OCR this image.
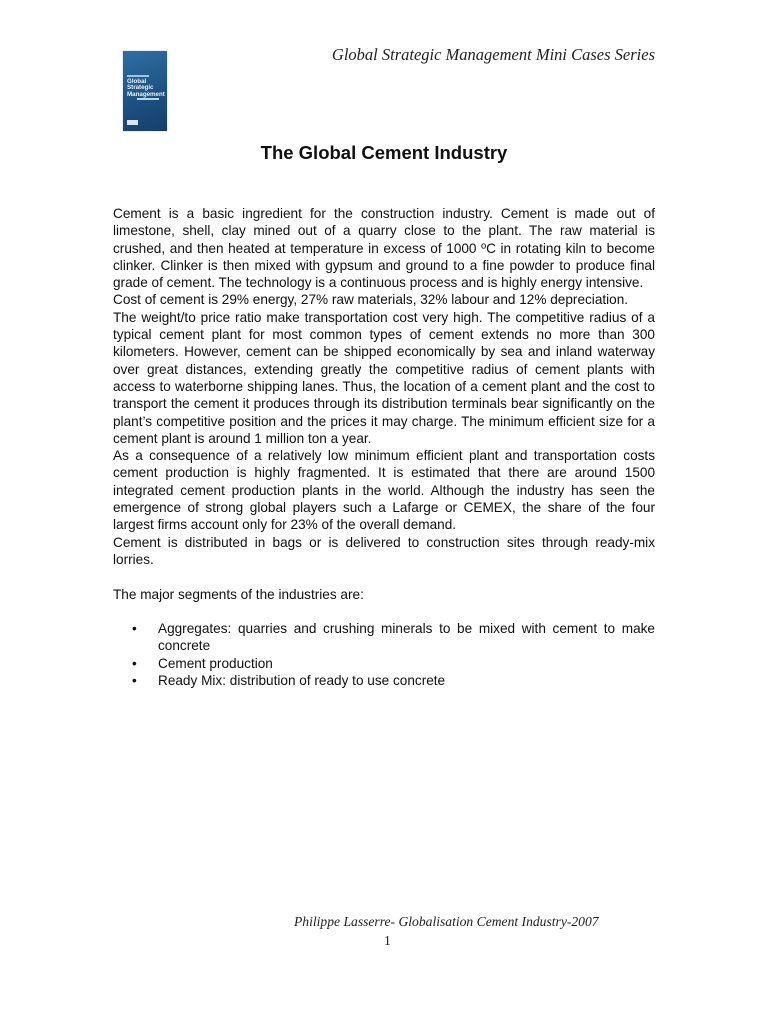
Global Strategic Management Mini Cases Series
Global Strategic Management
The Global Cement Industry

Cement is a basic ingredient for the construction industry. Cement is made out of limestone, shell, clay mined out of a quarry close to the plant. The raw material is crushed, and then heated at temperature in excess of 1000 ºC in rotating kiln to become clinker. Clinker is then mixed with gypsum and ground to a fine powder to produce final grade of cement. The technology is a continuous process and is highly energy intensive.

Cost of cement is 29% energy, 27% raw materials, 32% labour and 12% depreciation.

The weight/to price ratio make transportation cost very high. The competitive radius of a typical cement plant for most common types of cement extends no more than 300 kilometers. However, cement can be shipped economically by sea and inland waterway over great distances, extending greatly the competitive radius of cement plants with access to waterborne shipping lanes. Thus, the location of a cement plant and the cost to transport the cement it produces through its distribution terminals bear significantly on the plant’s competitive position and the prices it may charge. The minimum efficient size for a cement plant is around 1 million ton a year.

As a consequence of a relatively low minimum efficient plant and transportation costs cement production is highly fragmented. It is estimated that there are around 1500 integrated cement production plants in the world. Although the industry has seen the emergence of strong global players such a Lafarge or CEMEX, the share of the four largest firms account only for 23% of the overall demand.

Cement is distributed in bags or is delivered to construction sites through ready-mix lorries.

The major segments of the industries are:

• Aggregates: quarries and crushing minerals to be mixed with cement to make concrete
• Cement production
• Ready Mix: distribution of ready to use concrete
Philippe Lasserre- Globalisation Cement Industry-2007
1
